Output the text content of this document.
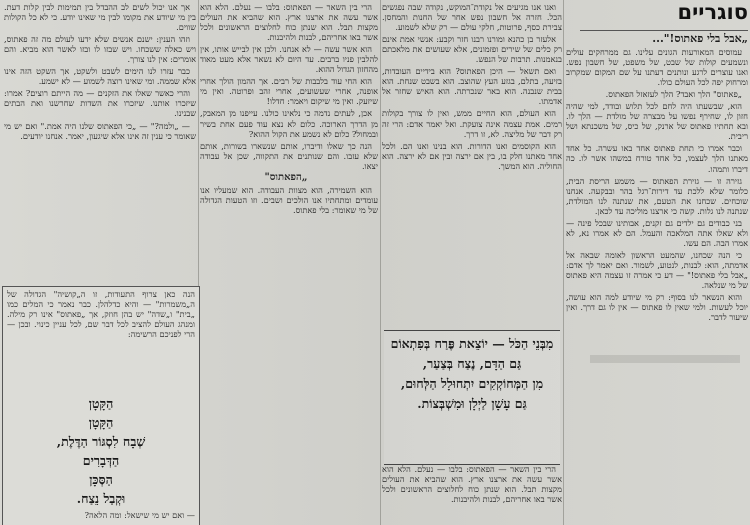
סוגריים
„אבל בלי פאתוס!"...

עמוסים המאורעות הגונים עלינו. גם ממרחקים עולים ונשמעים קולות של שבט, של משפט, של חשבון נפש. ואנו עוצרים לרגע ונותנים דעתנו על שם המקום שמקרוב ומרחוק יפה לכל העולם כולו.

„פאתוס" הלך ואבד? הלך לעזאזל הפאתוס.

הוא, שבשעתו היה לחם לכל תלוש ובודד, למי שהיה חזון לו, שחירף נפשו על מבצרה של מולדת — הלך לו. ובא תחתיו פאתוס של ארנק, של כיס, של משכנתא ושל ריבית.

וכבר אמרו כי תחת פאתוס אחד באו עשרה. כל אחד מאתנו הלך לעצמו, כל אחד טורח במשהו אשר לו. כה דיברו ותמהו.

גזירה זו — גזירת הפאתוס — משמע הריסת הבית, כלומר שלא ללכת עד דירות־רגל בהר ובבקעה. אנחנו שוכחים. שכחנו את הטעם, את שנתנה לנו המולדת, שנתנה לנו גלות. קשה כי ארצנו מוליכה עד לכאן.

בני כבודים גם ילדים גם זקנים, אבותינו שבכל פינה — ולא שאלו אתה המלאכה והעמל. הם לא אמרו נא, לא אמרו הבה. הם עשו.

כי הנה שכחנו, שהמעט הראשון לאומה שבאה אל אדמתה, הוא: לבנות, לנטוע, לשמור. ואם יאמר לך אדם: „אבל בלי פאתוס!" — דע כי אמרה זו עצמה היא פאתוס של מי שנלאה.

והוא הנשאר לנו בסוף: רק מי שיודע למה הוא עושה, יוכל לעשות. ולמי שאין לו פאתוס — אין לו גם דרך. ואין שיעור לדבר.

ואנו אנו מגיעים אל נקודת־המוקש, נקודה שבה נפגשים הכל. חזרה אל חשבון נפש אחר של החנות והמחסן. צבירת כסף, פרוטות, חלקי עולם — רק שלא לשמוע.

אלעזר בן כהנא ומורנו רבנו חזר וקבע: אנשי אמת אינם רק כלים של שירים ופזמונים, אלא שעושים את מלאכתם בנאמנות. תרבות של הנפש.

ואם תשאל — היכן הפאתוס? הוא בידיים העובדות, בזיעה, בתלם, בגזע העץ שהוצב. הוא בשבט שנחת. הוא בבית שנבנה. הוא באר שנכרתה. הוא האיש שחזר אל אדמתו.

הוא העולם, הוא החיים ממש, ואין לו צורך בקולות רמים. אמת עצמה אינה צועקת. ואל יאמר אדם: הרי זה רק דבר של מליצה. לא, זו דרך.

הוא הקוסמים ואנו הדורות. הוא בנינו ואנו הם. ולכל אחד מאתנו חלק בו, בין אם ירצה ובין אם לא ירצה. הוא החוליה. הוא המשך.

מִבְּנֵי הַכֹּל — יוֹצֵאת פֶּרַח בְּפִתְאוֹם
גַּם הַדָּם, נֶצַח בְּצַעַר,
מִן הַמְּחוֹקְקִים יִתְחוּלָל הַלְּחוּם,
גַּם עָשָׁן לַיְלָן וּמִשְׁבְּצוֹת.

הרי בין השאר — הפאתוס: בלבו — נעלם. הלא הוא אשר עשה את ארצנו ארץ. הוא שהביא את העולים מקצות תבל. הוא שנתן כוח לחלוצים הראשונים ולכל אשר באו אחריהם, לבנות ולהיבנות.

הרי בין השאר — הפאתוס: בלבו — נעלם. הלא הוא אשר עשה את ארצנו ארץ. הוא שהביא את העולים מקצות תבל. הוא שנתן כוח לחלוצים הראשונים ולכל אשר באו אחריהם, לבנות ולהיבנות.

הוא אשר עשה — לא אנחנו. ולכן אין לבייש אותו, אין להלבין פניו ברבים. עד היום לא נשאר אלא מעט מאוד מהחזון הגדול ההוא.

הוא החי עוד בלבבות של רבים. אך ההמון הולך אחרי אופנה, אחרי שעשועים, אחרי זהב ופרוטה. ואין מי שיזעק. ואין מי שיקום ויאמר: חדלו!

אכן, לעתים נדמה כי נלאינו כולנו. עייפנו מן המאבק, מן הדרך הארוכה. כלום לא נצא עוד פעם אחת בשיר ובמחול? כלום לא נשמע את הקול ההוא?

הנה כך שאלו ודיברו, אותם שנשארו בשורות, אותם שלא עזבו. והם שנותנים את התקווה, שכן אל עבודה יצאו.

„הפאתוס"

הוא השמירה, הוא מצוות העבודה. הוא שמעליו אנו עומדים ומתחתיו אנו הולכים ושבים. וזו הטעות הגדולה של מי שאומר: בלי פאתוס.

אך אנו יכול לשים לב ההבדל בין תמימות לבין קלות דעת. בין מי שיודע את מקומו לבין מי שאינו יודע. כי לא כל הקולות שווים.

וזהו הענין: ישנם אנשים שלא ידעו לעולם מה זה פאתוס, ויש כאלה ששכחו. ויש שבזו לו ובזו לאשר הוא מביא. והם אומרים: אין לנו צורך.

כבר עזרו לנו הימים לשבט ולשקט, אך השקט הזה אינו אלא שממה. ומי שאינו רוצה לשמוע — לא ישמע.

והרי כאשר שאלו את הזקנים — מה הייתם רוצים? אמרו: שיזכרו אותנו. שיזכרו את השדות שחרשנו ואת הבתים שבנינו.

— „ולמה?" — „כי הפאתוס שלנו היה אמת." ואם יש מי שאומר כי ענין זה אינו אלא שיגעון, יאמר. אנחנו יודעים.

הנה כאן צרוף התעודות, זו ה„קושיה" הגדולה של ה„משמרות" — והיא כדלהלן. כבר נאמר כי המלים כמו „בית" ו„שדה" יש בהן חוזק, אך „פאתוס" אינו רק מילה. ומנהג העולם להציב לכל דבר שם, לכל עניין כינוי. ובכן — הרי לפניכם הרשימה:
הַקָּטָן
הַקָּטָן
שְׁבָח לִסְגּוֹר הַדֶּלֶת,
הַדְּבָרִים
הַסְּכָּן
וּקְבַל נֵצַח.
— ואם יש מי שישאל: ומה הלאה?
